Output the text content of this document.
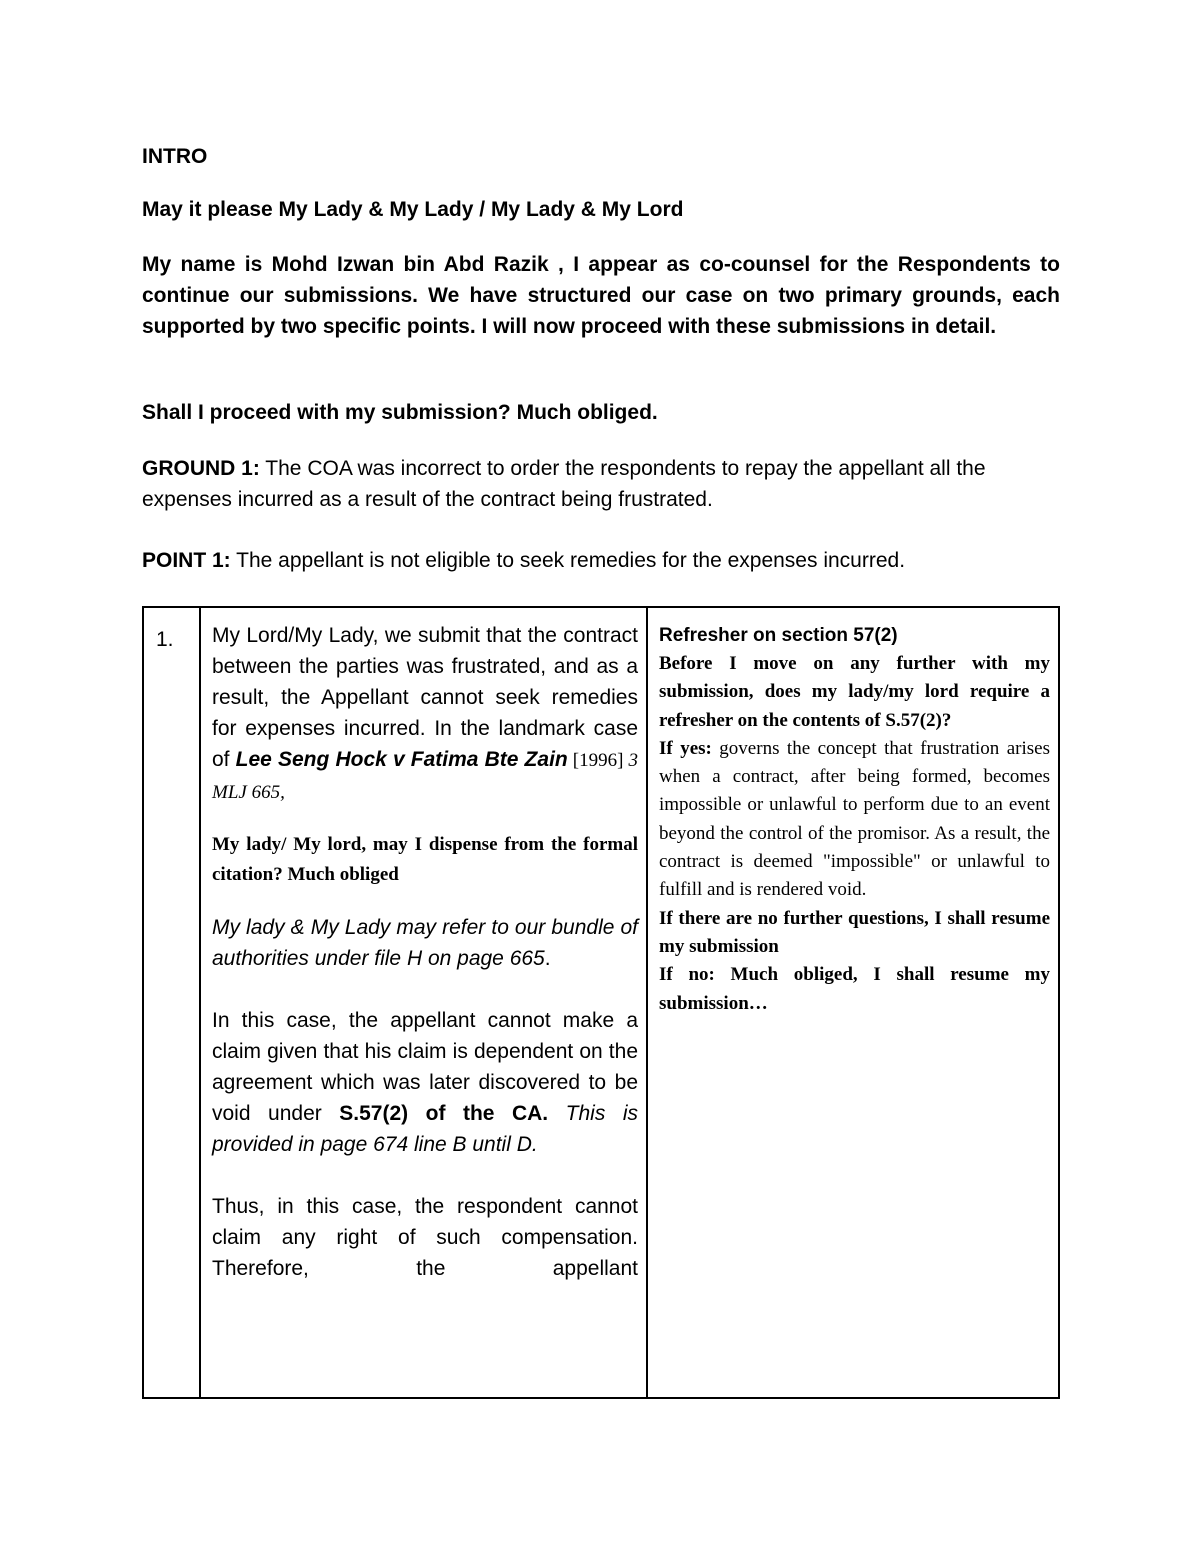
INTRO

May it please My Lady & My Lady / My Lady & My Lord

My name is Mohd Izwan bin Abd Razik , I appear as co-counsel for the Respondents to continue our submissions. We have structured our case on two primary grounds, each supported by two specific points. I will now proceed with these submissions in detail.

Shall I proceed with my submission? Much obliged.

GROUND 1: The COA was incorrect to order the respondents to repay the appellant all the expenses incurred as a result of the contract being frustrated.

POINT 1: The appellant is not eligible to seek remedies for the expenses incurred.

1.	My Lord/My Lady, we submit that the contract between the parties was frustrated, and as a result, the Appellant cannot seek remedies for expenses incurred. In the landmark case of Lee Seng Hock v Fatima Bte Zain [1996] 3 MLJ 665,

My lady/ My lord, may I dispense from the formal citation? Much obliged

My lady & My Lady may refer to our bundle of authorities under file H on page 665.

In this case, the appellant cannot make a claim given that his claim is dependent on the agreement which was later discovered to be void under S.57(2) of the CA. This is provided in page 674 line B until D.

Thus, in this case, the respondent cannot claim any right of such compensation. Therefore, the appellant

Refresher on section 57(2)

Before I move on any further with my submission, does my lady/my lord require a refresher on the contents of S.57(2)?

If yes: governs the concept that frustration arises when a contract, after being formed, becomes impossible or unlawful to perform due to an event beyond the control of the promisor. As a result, the contract is deemed "impossible" or unlawful to fulfill and is rendered void.

If there are no further questions, I shall resume my submission

If no: Much obliged, I shall resume my submission…
